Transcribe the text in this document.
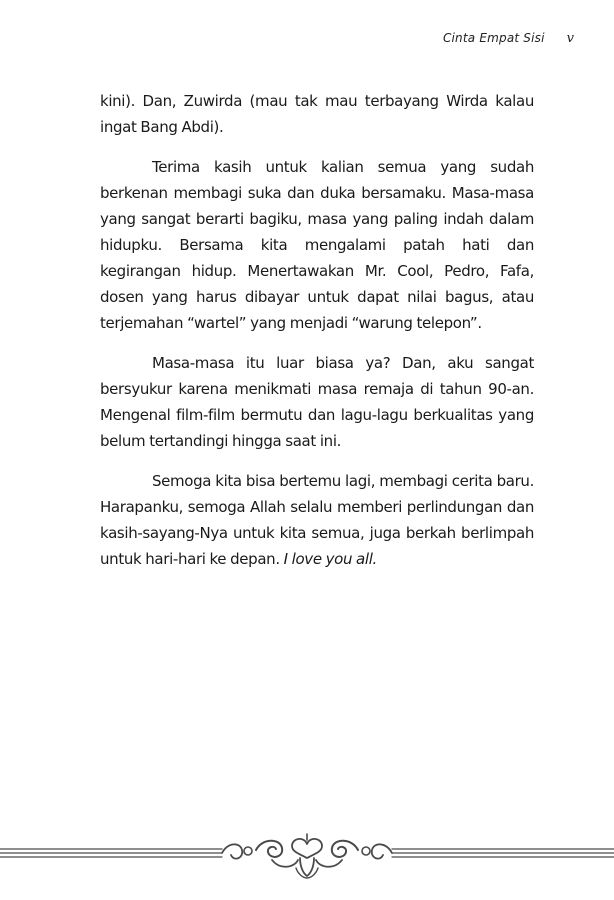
Cinta Empat Sisi v

kini). Dan, Zuwirda (mau tak mau terbayang Wirda kalau ingat Bang Abdi).

Terima kasih untuk kalian semua yang sudah berkenan membagi suka dan duka bersamaku. Masa-masa yang sangat berarti bagiku, masa yang paling indah dalam hidupku. Bersama kita mengalami patah hati dan kegirangan hidup. Menertawakan Mr. Cool, Pedro, Fafa, dosen yang harus dibayar untuk dapat nilai bagus, atau terjemahan “wartel” yang menjadi “warung telepon”.

Masa-masa itu luar biasa ya? Dan, aku sangat bersyukur karena menikmati masa remaja di tahun 90-an. Mengenal film-film bermutu dan lagu-lagu berkualitas yang belum tertandingi hingga saat ini.

Semoga kita bisa bertemu lagi, membagi cerita baru. Harapanku, semoga Allah selalu memberi perlindungan dan kasih-sayang-Nya untuk kita semua, juga berkah berlimpah untuk hari-hari ke depan. I love you all.
